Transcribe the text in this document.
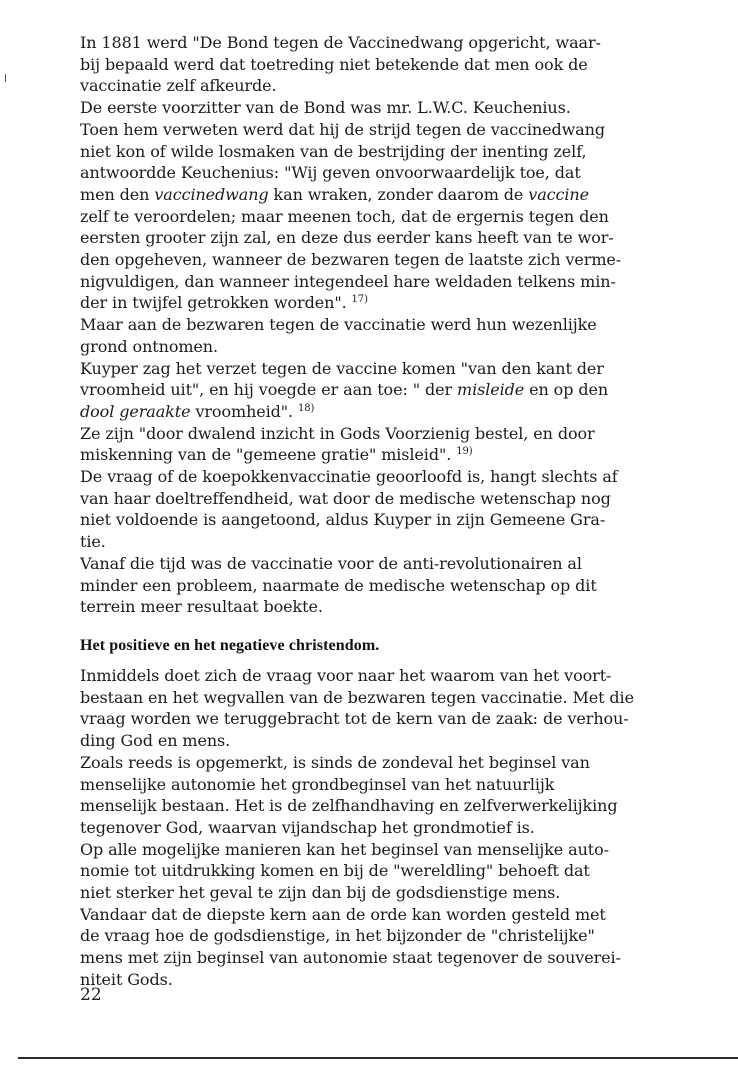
In 1881 werd "De Bond tegen de Vaccinedwang opgericht, waar-
bij bepaald werd dat toetreding niet betekende dat men ook de
vaccinatie zelf afkeurde.

De eerste voorzitter van de Bond was mr. L.W.C. Keuchenius.

Toen hem verweten werd dat hij de strijd tegen de vaccinedwang
niet kon of wilde losmaken van de bestrijding der inenting zelf,
antwoordde Keuchenius: "Wij geven onvoorwaardelijk toe, dat
men den vaccinedwang kan wraken, zonder daarom de vaccine
zelf te veroordelen; maar meenen toch, dat de ergernis tegen den
eersten grooter zijn zal, en deze dus eerder kans heeft van te wor-
den opgeheven, wanneer de bezwaren tegen de laatste zich verme-
nigvuldigen, dan wanneer integendeel hare weldaden telkens min-
der in twijfel getrokken worden". $^{17)}$

Maar aan de bezwaren tegen de vaccinatie werd hun wezenlijke
grond ontnomen.

Kuyper zag het verzet tegen de vaccine komen "van den kant der
vroomheid uit", en hij voegde er aan toe: " der misleide en op den
dool geraakte vroomheid". $^{18)}$

Ze zijn "door dwalend inzicht in Gods Voorzienig bestel, en door
miskenning van de "gemeene gratie" misleid". $^{19)}$

De vraag of de koepokkenvaccinatie geoorloofd is, hangt slechts af
van haar doeltreffendheid, wat door de medische wetenschap nog
niet voldoende is aangetoond, aldus Kuyper in zijn Gemeene Gra-
tie.

Vanaf die tijd was de vaccinatie voor de anti-revolutionairen al
minder een probleem, naarmate de medische wetenschap op dit
terrein meer resultaat boekte.

Het positieve en het negatieve christendom.

Inmiddels doet zich de vraag voor naar het waarom van het voort-
bestaan en het wegvallen van de bezwaren tegen vaccinatie. Met die
vraag worden we teruggebracht tot de kern van de zaak: de verhou-
ding God en mens.

Zoals reeds is opgemerkt, is sinds de zondeval het beginsel van
menselijke autonomie het grondbeginsel van het natuurlijk
menselijk bestaan. Het is de zelfhandhaving en zelfverwerkelijking
tegenover God, waarvan vijandschap het grondmotief is.

Op alle mogelijke manieren kan het beginsel van menselijke auto-
nomie tot uitdrukking komen en bij de "wereldling" behoeft dat
niet sterker het geval te zijn dan bij de godsdienstige mens.

Vandaar dat de diepste kern aan de orde kan worden gesteld met
de vraag hoe de godsdienstige, in het bijzonder de "christelijke"
mens met zijn beginsel van autonomie staat tegenover de souverei-
niteit Gods.

22
